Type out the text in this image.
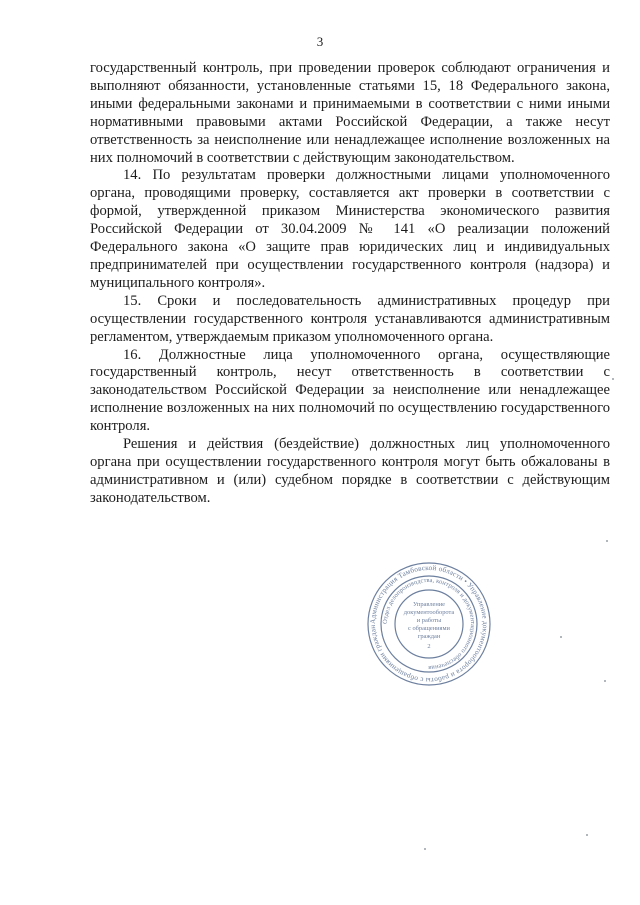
3

государственный контроль, при проведении проверок соблюдают ограничения и выполняют обязанности, установленные статьями 15, 18 Федерального закона, иными федеральными законами и принимаемыми в соответствии с ними иными нормативными правовыми актами Российской Федерации, а также несут ответственность за неисполнение или ненадлежащее исполнение возложенных на них полномочий в соответствии с действующим законодательством.

14. По результатам проверки должностными лицами уполномоченного органа, проводящими проверку, составляется акт проверки в соответствии с формой, утвержденной приказом Министерства экономического развития Российской Федерации от 30.04.2009 № 141 «О реализации положений Федерального закона «О защите прав юридических лиц и индивидуальных предпринимателей при осуществлении государственного контроля (надзора) и муниципального контроля».

15. Сроки и последовательность административных процедур при осуществлении государственного контроля устанавливаются административным регламентом, утверждаемым приказом уполномоченного органа.

16. Должностные лица уполномоченного органа, осуществляющие государственный контроль, несут ответственность в соответствии с законодательством Российской Федерации за неисполнение или ненадлежащее исполнение возложенных на них полномочий по осуществлению государственного контроля.

Решения и действия (бездействие) должностных лиц уполномоченного органа при осуществлении государственного контроля могут быть обжалованы в административном и (или) судебном порядке в соответствии с действующим законодательством.

Администрация Тамбовской области • Управление документооборота и работы с обращениями граждан
Отдел делопроизводства, контроля и документационного обеспечения
Управление
документооборота
и работы
с обращениями
граждан
2
